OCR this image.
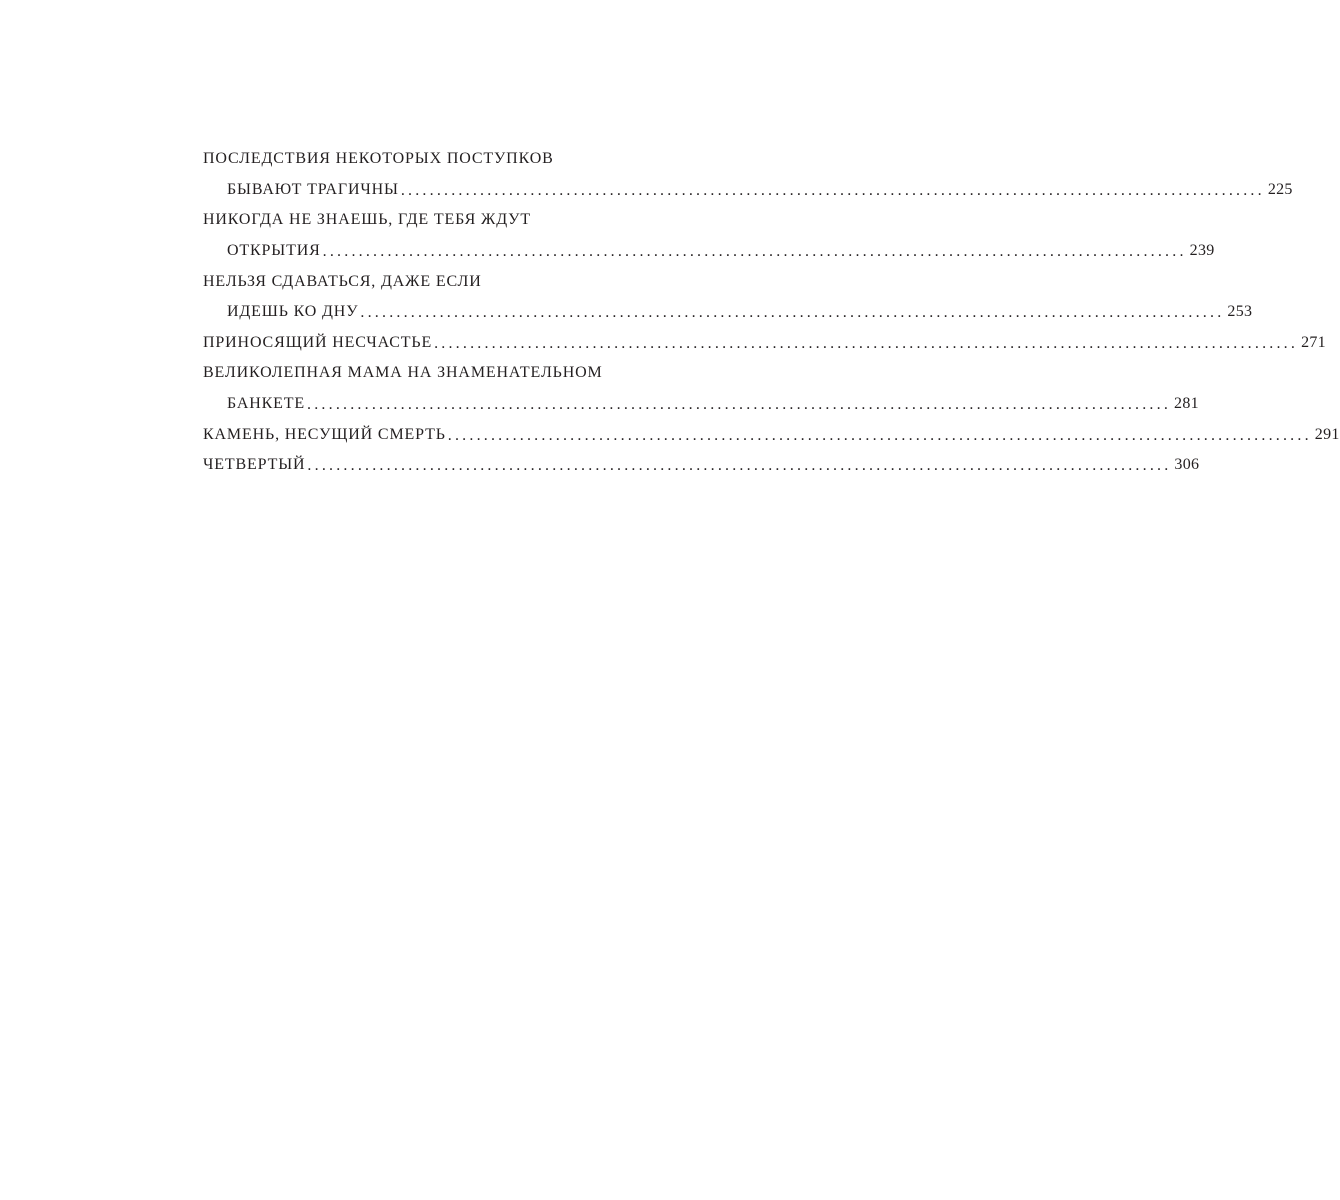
ПОСЛЕДСТВИЯ НЕКОТОРЫХ ПОСТУПКОВ
БЫВАЮТ ТРАГИЧНЫ ........................................................................................................................ 225
НИКОГДА НЕ ЗНАЕШЬ, ГДЕ ТЕБЯ ЖДУТ
ОТКРЫТИЯ ........................................................................................................................ 239
НЕЛЬЗЯ СДАВАТЬСЯ, ДАЖЕ ЕСЛИ
ИДЕШЬ КО ДНУ ........................................................................................................................ 253
ПРИНОСЯЩИЙ НЕСЧАСТЬЕ ........................................................................................................................ 271
ВЕЛИКОЛЕПНАЯ МАМА НА ЗНАМЕНАТЕЛЬНОМ
БАНКЕТЕ ........................................................................................................................ 281
КАМЕНЬ, НЕСУЩИЙ СМЕРТЬ ........................................................................................................................ 291
ЧЕТВЕРТЫЙ ........................................................................................................................ 306
